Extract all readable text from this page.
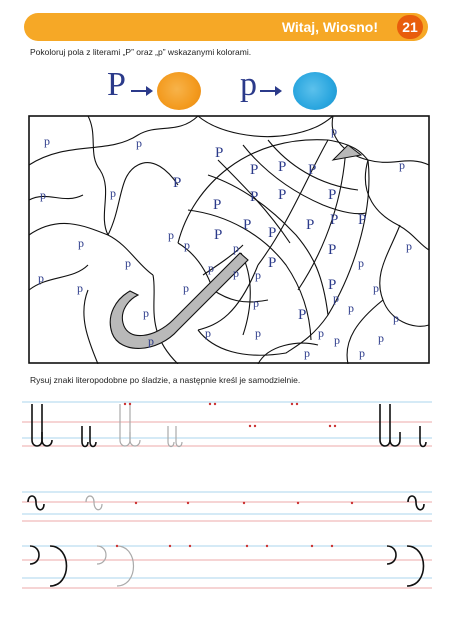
Witaj, Wiosno!	21
Pokoloruj pola z literami „P” oraz „p” wskazanymi kolorami.
P	p
P
P
P
P P
P P P	P
P
P P P P P
P
P
P
P
p	p
p
p
p	p
p
p
p
p
p
p
p
p
p
p
p
p	p
p
p
p
p
p	p
p
p
p
p
p
p	p
p
Rysuj znaki literopodobne po śladzie, a następnie kreśl je samodzielnie.
